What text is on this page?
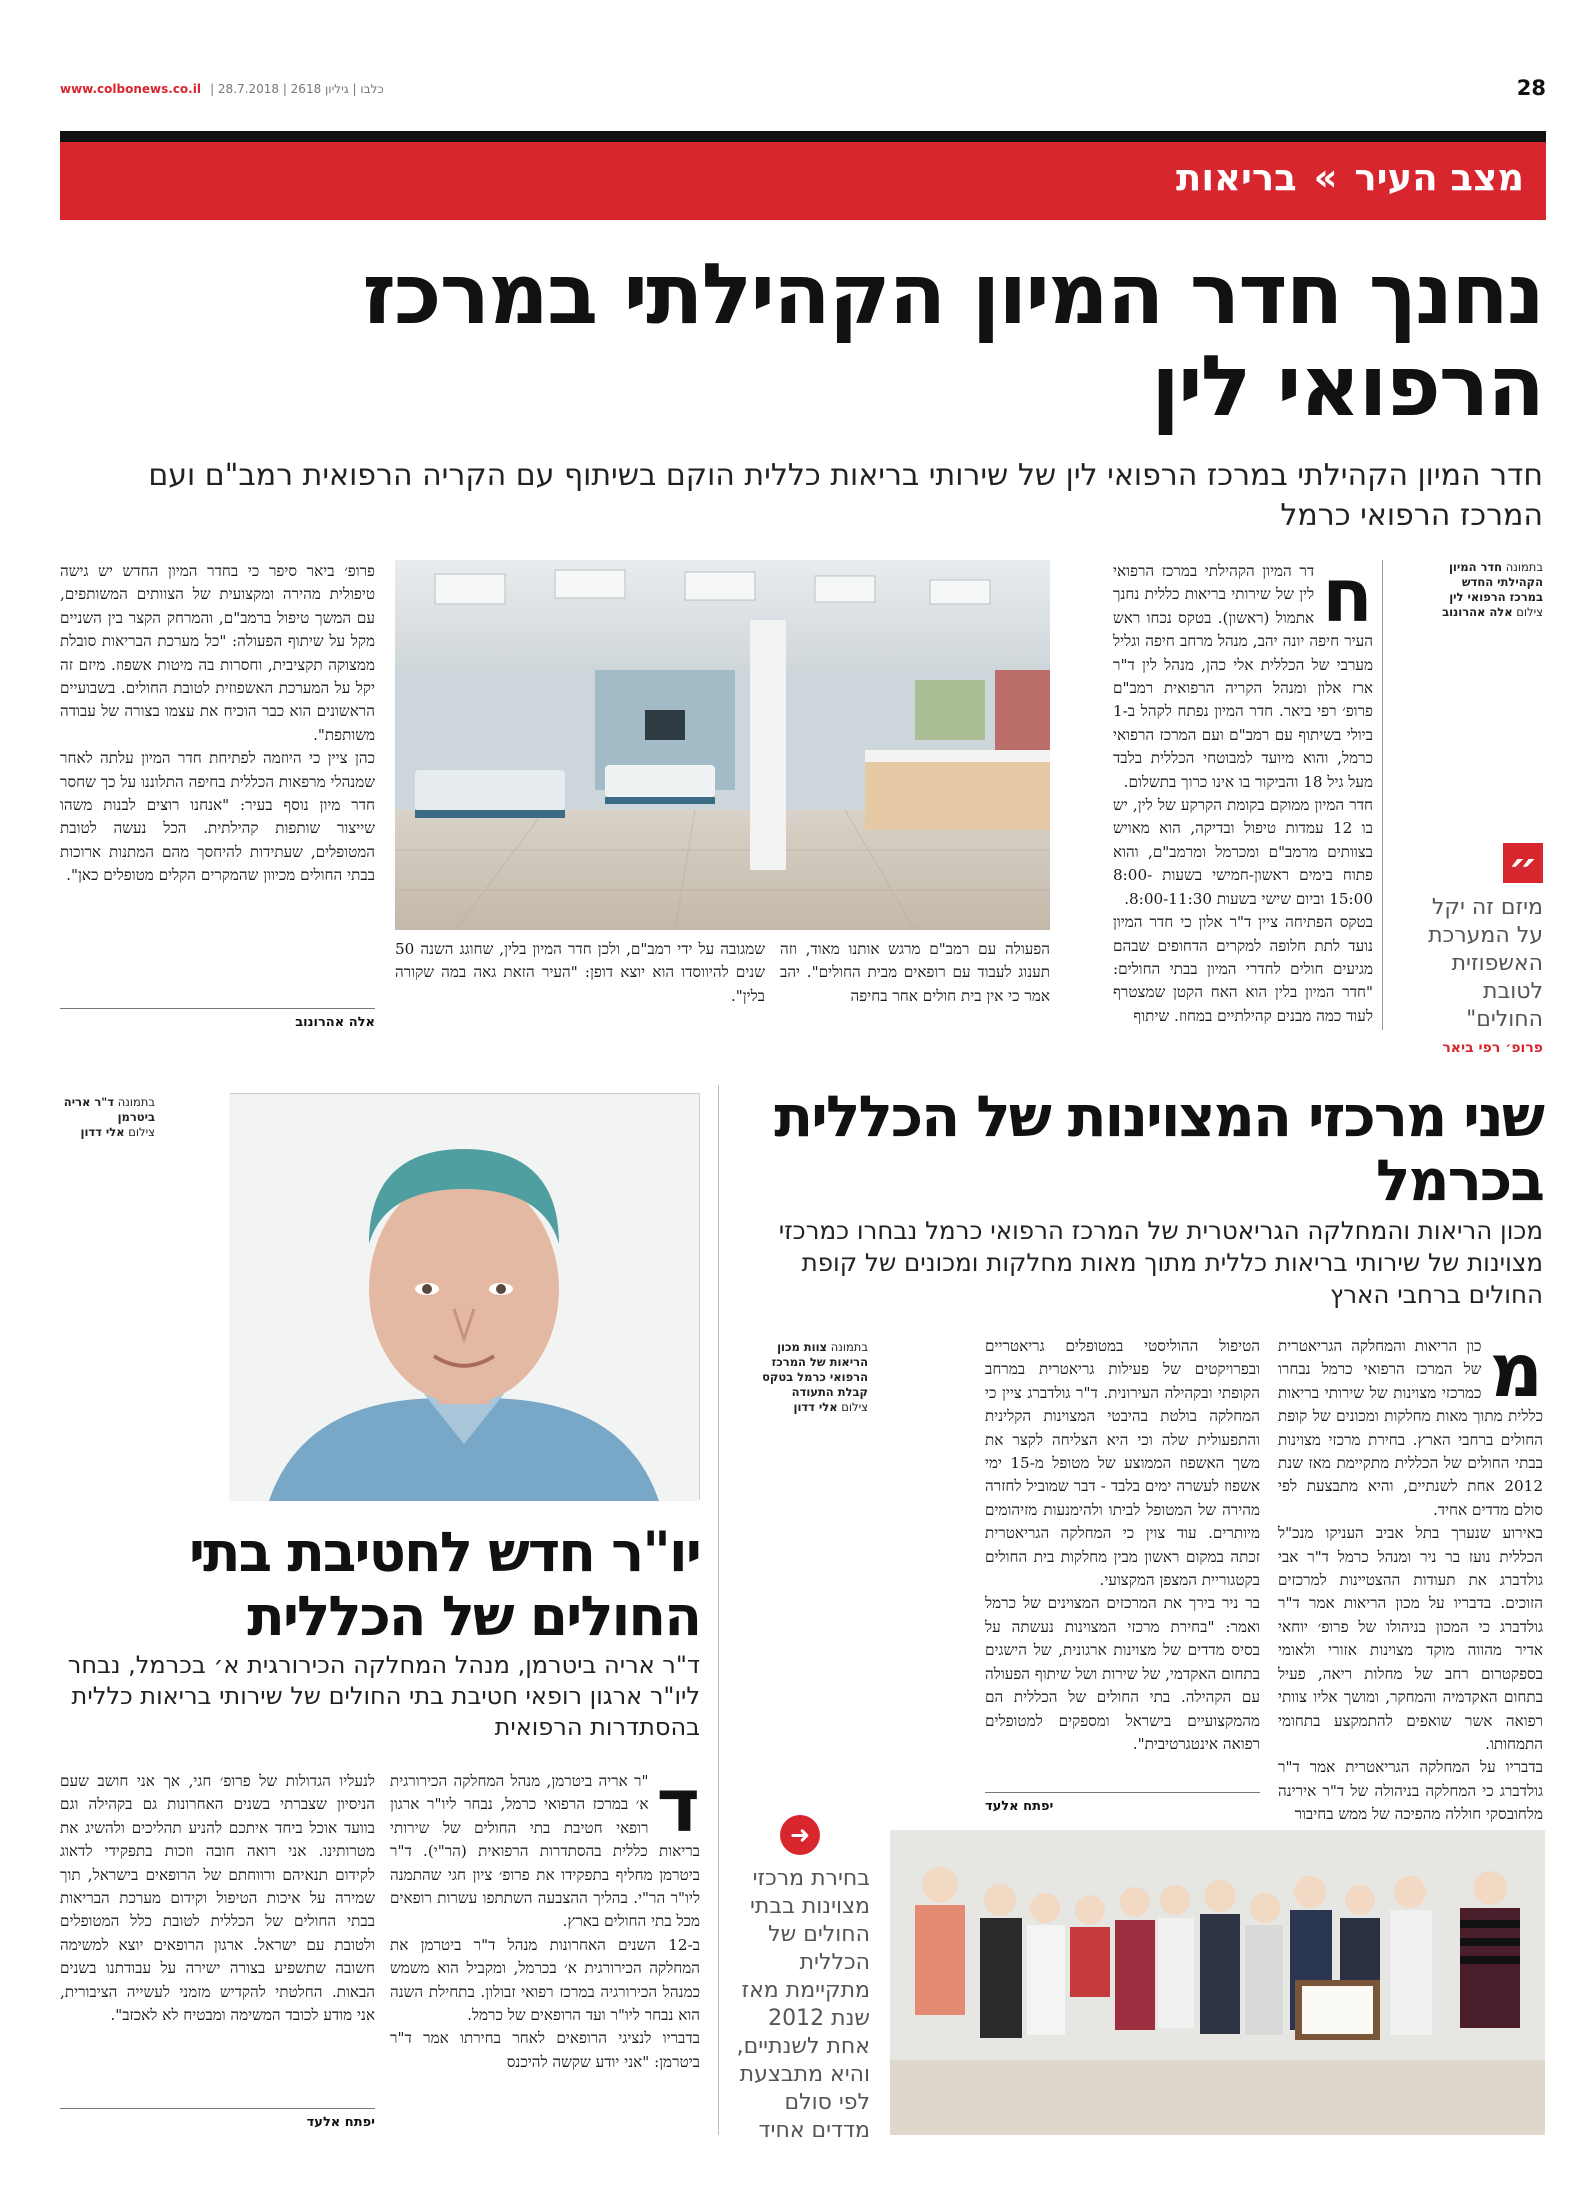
www.colbonews.co.il | כלבו | גיליון 2618 | 28.7.2018	28
מצב העיר » בריאות
נחנך חדר המיון הקהילתי במרכז הרפואי לין
חדר המיון הקהילתי במרכז הרפואי לין של שירותי בריאות כללית הוקם בשיתוף עם הקריה הרפואית רמב"ם ועם המרכז הרפואי כרמל
בתמונה חדר המיון הקהילתי החדש במרכז הרפואי לין
צילום אלה אהרונוב
״
מיזם זה יקל על המערכת האשפוזית לטובת החולים"
פרופ׳ רפי ביאר
ח

דר המיון הקהילתי במרכז הרפואי לין של שירותי בריאות כללית נחנך אתמול (ראשון). בטקס נכחו ראש העיר חיפה יונה יהב, מנהל מרחב חיפה וגליל מערבי של הכללית אלי כהן, מנהל לין ד"ר ארז אלון ומנהל הקריה הרפואית רמב"ם פרופ׳ רפי ביאר. חדר המיון נפתח לקהל ב-1 ביולי בשיתוף עם רמב"ם ועם המרכז הרפואי כרמל, והוא מיועד למבוטחי הכללית בלבד מעל גיל 18 והביקור בו אינו כרוך בתשלום.

חדר המיון ממוקם בקומת הקרקע של לין, יש בו 12 עמדות טיפול ובדיקה, הוא מאויש בצוותים מרמב"ם ומכרמל ומרמב"ם, והוא פתוח בימים ראשון-חמישי בשעות 8:00-15:00 וביום שישי בשעות 8:00-11:30.

בטקס הפתיחה ציין ד"ר אלון כי חדר המיון נועד לתת חלופה למקרים הדחופים שבהם מגיעים חולים לחדרי המיון בבתי החולים: "חדר המיון בלין הוא האח הקטן שמצטרף לעוד כמה מבנים קהילתיים במחוז. שיתוף

הפעולה עם רמב"ם מרגש אותנו מאוד, וזה תענוג לעבוד עם רופאים מבית החולים". יהב אמר כי אין בית חולים אחר בחיפה
שמגובה על ידי רמב"ם, ולכן חדר המיון בלין, שחוגג השנה 50 שנים להיווסדו הוא יוצא דופן: "העיר הזאת גאה במה שקורה בלין".

פרופ׳ ביאר סיפר כי בחדר המיון החדש יש גישה טיפולית מהירה ומקצועית של הצוותים המשותפים, עם המשך טיפול ברמב"ם, והמרחק הקצר בין השניים מקל על שיתוף הפעולה: "כל מערכת הבריאות סובלת ממצוקה תקציבית, וחסרות בה מיטות אשפוז. מיזם זה יקל על המערכת האשפוזית לטובת החולים. בשבועיים הראשונים הוא כבר הוכיח את עצמו בצורה של עבודה משותפת".

כהן ציין כי היוזמה לפתיחת חדר המיון עלתה לאחר שמנהלי מרפאות הכללית בחיפה התלוננו על כך שחסר חדר מיון נוסף בעיר: "אנחנו רוצים לבנות משהו שייצור שותפות קהילתית. הכל נעשה לטובת המטופלים, שעתידות להיחסך מהם המתנות ארוכות בבתי החולים מכיוון שהמקרים הקלים מטופלים כאן".

אלה אהרונוב
שני מרכזי המצוינות של הכללית בכרמל
מכון הריאות והמחלקה הגריאטרית של המרכז הרפואי כרמל נבחרו כמרכזי מצוינות של שירותי בריאות כללית מתוך מאות מחלקות ומכונים של קופת החולים ברחבי הארץ
מ

כון הריאות והמחלקה הגריאטרית של המרכז הרפואי כרמל נבחרו כמרכזי מצוינות של שירותי בריאות כללית מתוך מאות מחלקות ומכונים של קופת החולים ברחבי הארץ. בחירת מרכזי מצוינות בבתי החולים של הכללית מתקיימת מאז שנת 2012 אחת לשנתיים, והיא מתבצעת לפי סולם מדדים אחיד.

באירוע שנערך בתל אביב העניקו מנכ"ל הכללית נועז בר ניר ומנהל כרמל ד"ר אבי גולדברג את תעודות ההצטיינות למרכזים הזוכים. בדבריו על מכון הריאות אמר ד"ר גולדברג כי המכון בניהולו של פרופ׳ יוחאי אדיר מהווה מוקד מצוינות אזורי ולאומי בספקטרום רחב של מחלות ריאה, פעיל בתחום האקדמיה והמחקר, ומושך אליו צוותי רפואה אשר שואפים להתמקצע בתחומי התמחותו.

בדבריו על המחלקה הגריאטרית אמר ד"ר גולדברג כי המחלקה בניהולה של ד"ר אירינה מלחובסקי חוללה מהפיכה של ממש בחיבור

הטיפול ההוליסטי במטופלים גריאטריים ובפרויקטים של פעילות גריאטרית במרחב הקופתי ובקהילה העירונית. ד"ר גולדברג ציין כי המחלקה בולטת בהיבטי המצוינות הקלינית והתפעולית שלה וכי היא הצליחה לקצר את משך האשפוז הממוצע של מטופל מ-15 ימי אשפוז לעשרה ימים בלבד - דבר שמוביל לחזרה מהירה של המטופל לביתו ולהימנעות מזיהומים מיותרים. עוד צוין כי המחלקה הגריאטרית זכתה במקום ראשון מבין מחלקות בית החולים בקטגוריית המצפן המקצועי.

בר ניר בירך את המרכזים המצוינים של כרמל ואמר: "בחירת מרכזי המצוינות נעשתה על בסיס מדדים של מצוינות ארגונית, של הישגים בתחום האקדמי, של שירות ושל שיתוף הפעולה עם הקהילה. בתי החולים של הכללית הם מהמקצועיים בישראל ומספקים למטופלים רפואה אינטגרטיבית".

יפתח אלעד
בתמונה צוות מכון הריאות של המרכז הרפואי כרמל בטקס קבלת התעודה
צילום אלי דדון
➜
בחירת מרכזי מצוינות בבתי החולים של הכללית מתקיימת מאז שנת 2012 אחת לשנתיים, והיא מתבצעת לפי סולם מדדים אחיד
בתמונה ד"ר אריה ביטרמן
צילום אלי דדון
יו"ר חדש לחטיבת בתי החולים של הכללית
ד"ר אריה ביטרמן, מנהל המחלקה הכירורגית א׳ בכרמל, נבחר ליו"ר ארגון רופאי חטיבת בתי החולים של שירותי בריאות כללית בהסתדרות הרפואית
ד

"ר אריה ביטרמן, מנהל המחלקה הכירורגית א׳ במרכז הרפואי כרמל, נבחר ליו"ר ארגון רופאי חטיבת בתי החולים של שירותי בריאות כללית בהסתדרות הרפואית (הר"י). ד"ר ביטרמן מחליף בתפקידו את פרופ׳ ציון חגי שהתמנה ליו"ר הר"י. בהליך ההצבעה השתתפו עשרות רופאים מכל בתי החולים בארץ.

ב-12 השנים האחרונות מנהל ד"ר ביטרמן את המחלקה הכירורגית א׳ בכרמל, ומקביל הוא משמש כמנהל הכירורגיה במרכז רפואי זבולון. בתחילת השנה הוא נבחר ליו"ר ועד הרופאים של כרמל.

בדבריו לנציגי הרופאים לאחר בחירתו אמר ד"ר ביטרמן: "אני יודע שקשה להיכנס

לנעליו הגדולות של פרופ׳ חגי, אך אני חושב שעם הניסיון שצברתי בשנים האחרונות גם בקהילה וגם בוועד אוכל ביחד איתכם להניע תהליכים ולהשיג את מטרותינו. אני רואה חובה וזכות בתפקידי לדאוג לקידום תנאיהם ורווחתם של הרופאים בישראל, תוך שמירה על איכות הטיפול וקידום מערכת הבריאות בבתי החולים של הכללית לטובת כלל המטופלים ולטובת עם ישראל. ארגון הרופאים יוצא למשימה חשובה שתשפיע בצורה ישירה על עבודתנו בשנים הבאות. החלטתי להקדיש מזמני לעשייה הציבורית, אני מודע לכובד המשימה ומבטיח לא לאכזב".
יפתח אלעד
